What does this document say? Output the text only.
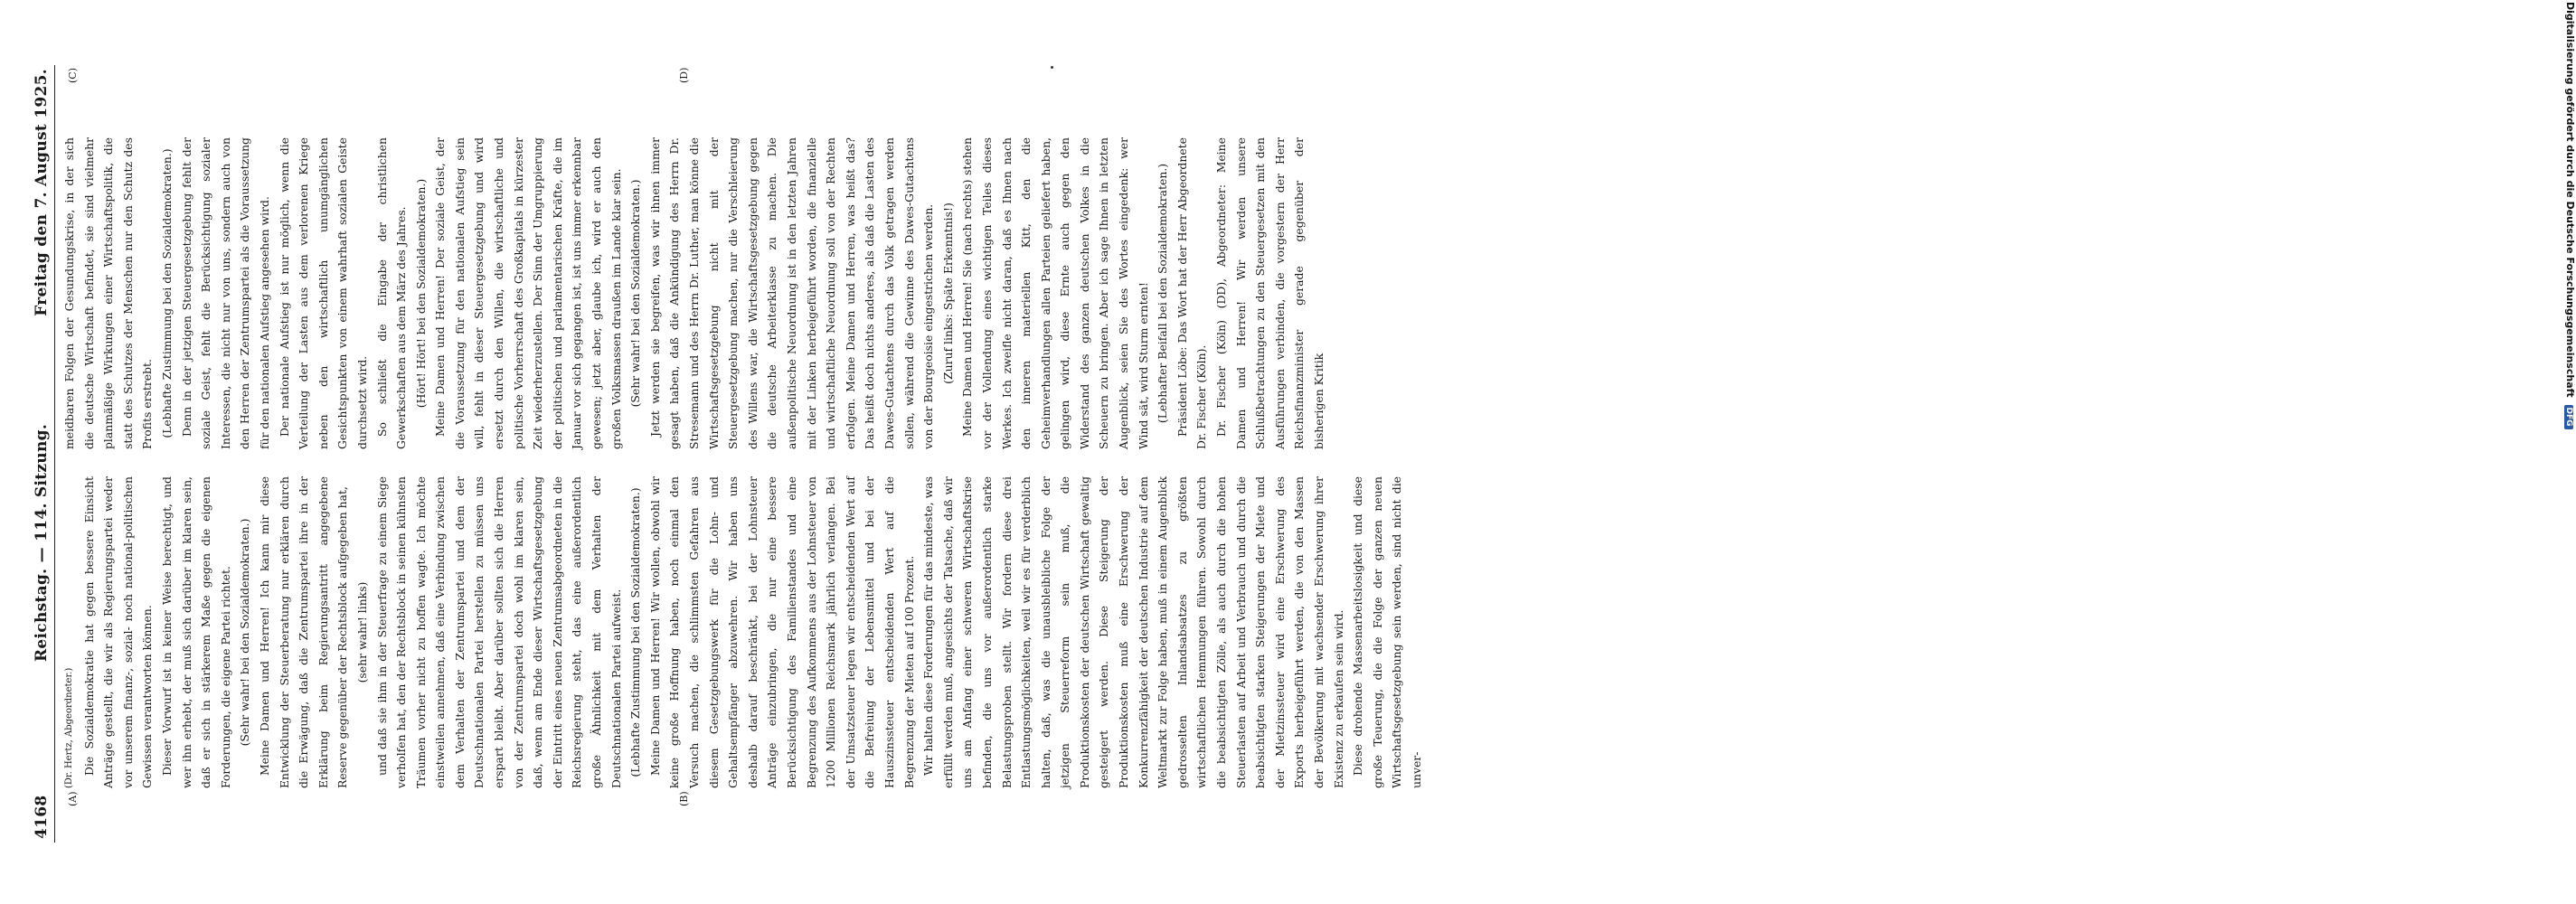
4168
Reichstag. — 114. Sitzung.
Freitag den 7. August 1925.
(A)	(B)
(C)	(D)

(Dr. Hertz, Abgeordneter.) Die Sozialdemokratie hat gegen bessere Einsicht Anträge gestellt, die wir als Regierungspartei weder vor unserem finanz-, sozial- noch national-politischen Gewissen verantworten können. Dieser Vorwurf ist in keiner Weise berechtigt, und wer ihn erhebt, der muß sich darüber im klaren sein, daß er sich in stärkerem Maße gegen die eigenen Forderungen, die eigene Partei richtet. (Sehr wahr! bei den Sozialdemokraten.) Meine Damen und Herren! Ich kann mir diese Entwicklung der Steuerberatung nur erklären durch die Erwägung, daß die Zentrumspartei ihre in der Erklärung beim Regierungsantritt angegebene Reserve gegenüber der Rechtsblock aufgegeben hat, (sehr wahr! links) und daß sie ihm in der Steuerfrage zu einem Siege verholfen hat, den der Rechtsblock in seinen kühnsten Träumen vorher nicht zu hoffen wagte. Ich möchte einstweilen annehmen, daß eine Verbindung zwischen dem Verhalten der Zentrumspartei und dem der Deutschnationalen Partei herstellen zu müssen uns erspart bleibt. Aber darüber sollten sich die Herren von der Zentrumspartei doch wohl im klaren sein, daß, wenn am Ende dieser Wirtschaftsgesetzgebung der Eintritt eines neuen Zentrumsabgeordneten in die Reichsregierung steht, das eine außerordentlich große Ähnlichkeit mit dem Verhalten der Deutschnationalen Partei aufweist. (Lebhafte Zustimmung bei den Sozialdemokraten.) Meine Damen und Herren! Wir wollen, obwohl wir keine große Hoffnung haben, noch einmal den Versuch machen, die schlimmsten Gefahren aus diesem Gesetzgebungswerk für die Lohn- und Gehaltsempfänger abzuwehren. Wir haben uns deshalb darauf beschränkt, bei der Lohnsteuer Anträge einzubringen, die nur eine bessere Berücksichtigung des Familienstandes und eine Begrenzung des Aufkommens aus der Lohnsteuer von 1200 Millionen Reichsmark jährlich verlangen. Bei der Umsatzsteuer legen wir entscheidenden Wert auf die Befreiung der Lebensmittel und bei der Hauszinssteuer entscheidenden Wert auf die Begrenzung der Mieten auf 100 Prozent. Wir halten diese Forderungen für das mindeste, was erfüllt werden muß, angesichts der Tatsache, daß wir uns am Anfang einer schweren Wirtschaftskrise befinden, die uns vor außerordentlich starke Belastungsproben stellt. Wir fordern diese drei Entlastungsmöglichkeiten, weil wir es für verderblich halten, daß, was die unausbleibliche Folge der jetzigen Steuerreform sein muß, die Produktionskosten der deutschen Wirtschaft gewaltig gesteigert werden. Diese Steigerung der Produktionskosten muß eine Erschwerung der Konkurrenzfähigkeit der deutschen Industrie auf dem Weltmarkt zur Folge haben, muß in einem Augenblick gedrosselten Inlandsabsatzes zu größten wirtschaftlichen Hemmungen führen. Sowohl durch die beabsichtigten Zölle, als auch durch die hohen Steuerlasten auf Arbeit und Verbrauch und durch die beabsichtigten starken Steigerungen der Miete und der Mietzinssteuer wird eine Erschwerung des Exports herbeigeführt werden, die von den Massen der Bevölkerung mit wachsender Erschwerung ihrer Existenz zu erkaufen sein wird. Diese drohende Massenarbeitslosigkeit und diese große Teuerung, die die Folge der ganzen neuen Wirtschaftsgesetzgebung sein werden, sind nicht die unver-

meidbaren Folgen der Gesundungskrise, in der sich die deutsche Wirtschaft befindet, sie sind vielmehr planmäßige Wirkungen einer Wirtschaftspolitik, die statt des Schutzes der Menschen nur den Schutz des Profits erstrebt. (Lebhafte Zustimmung bei den Sozialdemokraten.) Denn in der jetzigen Steuergesetzgebung fehlt der soziale Geist, fehlt die Berücksichtigung sozialer Interessen, die nicht nur von uns, sondern auch von den Herren der Zentrumspartei als die Voraussetzung für den nationalen Aufstieg angesehen wird. Der nationale Aufstieg ist nur möglich, wenn die Verteilung der Lasten aus dem verlorenen Kriege neben den wirtschaftlich unumgänglichen Gesichtspunkten von einem wahrhaft sozialen Geiste durchsetzt wird. So schließt die Eingabe der christlichen Gewerkschaften aus dem März des Jahres. (Hört! Hört! bei den Sozialdemokraten.) Meine Damen und Herren! Der soziale Geist, der die Voraussetzung für den nationalen Aufstieg sein will, fehlt in dieser Steuergesetzgebung und wird ersetzt durch den Willen, die wirtschaftliche und politische Vorherrschaft des Großkapitals in kürzester Zeit wiederherzustellen. Der Sinn der Umgruppierung der politischen und parlamentarischen Kräfte, die im Januar vor sich gegangen ist, ist uns immer erkennbar gewesen; jetzt aber, glaube ich, wird er auch den großen Volksmassen draußen im Lande klar sein. (Sehr wahr! bei den Sozialdemokraten.) Jetzt werden sie begreifen, was wir ihnen immer gesagt haben, daß die Ankündigung des Herrn Dr. Stresemann und des Herrn Dr. Luther, man könne die Wirtschaftsgesetzgebung nicht mit der Steuergesetzgebung machen, nur die Verschleierung des Willens war, die Wirtschaftsgesetzgebung gegen die deutsche Arbeiterklasse zu machen. Die außenpolitische Neuordnung ist in den letzten Jahren mit der Linken herbeigeführt worden, die finanzielle und wirtschaftliche Neuordnung soll von der Rechten erfolgen. Meine Damen und Herren, was heißt das? Das heißt doch nichts anderes, als daß die Lasten des Dawes-Gutachtens durch das Volk getragen werden sollen, während die Gewinne des Dawes-Gutachtens von der Bourgeoisie eingestrichen werden. (Zuruf links: Späte Erkenntnis!) Meine Damen und Herren! Sie (nach rechts) stehen vor der Vollendung eines wichtigen Teiles dieses Werkes. Ich zweifle nicht daran, daß es Ihnen nach den inneren materiellen Kitt, den die Geheimverhandlungen allen Parteien geliefert haben, gelingen wird, diese Ernte auch gegen den Widerstand des ganzen deutschen Volkes in die Scheuern zu bringen. Aber ich sage Ihnen in letzten Augenblick, seien Sie des Wortes eingedenk: wer Wind sät, wird Sturm ernten! (Lebhafter Beifall bei den Sozialdemokraten.) Präsident Löbe: Das Wort hat der Herr Abgeordnete Dr. Fischer (Köln). Dr. Fischer (Köln) (DD), Abgeordneter: Meine Damen und Herren! Wir werden unsere Schlußbetrachtungen zu den Steuergesetzen mit den Ausführungen verbinden, die vorgestern der Herr Reichsfinanzminister gerade gegenüber der bisherigen Kritik

Digitalisierung gefördert durch die Deutsche Forschungsgemeinschaft DFG
